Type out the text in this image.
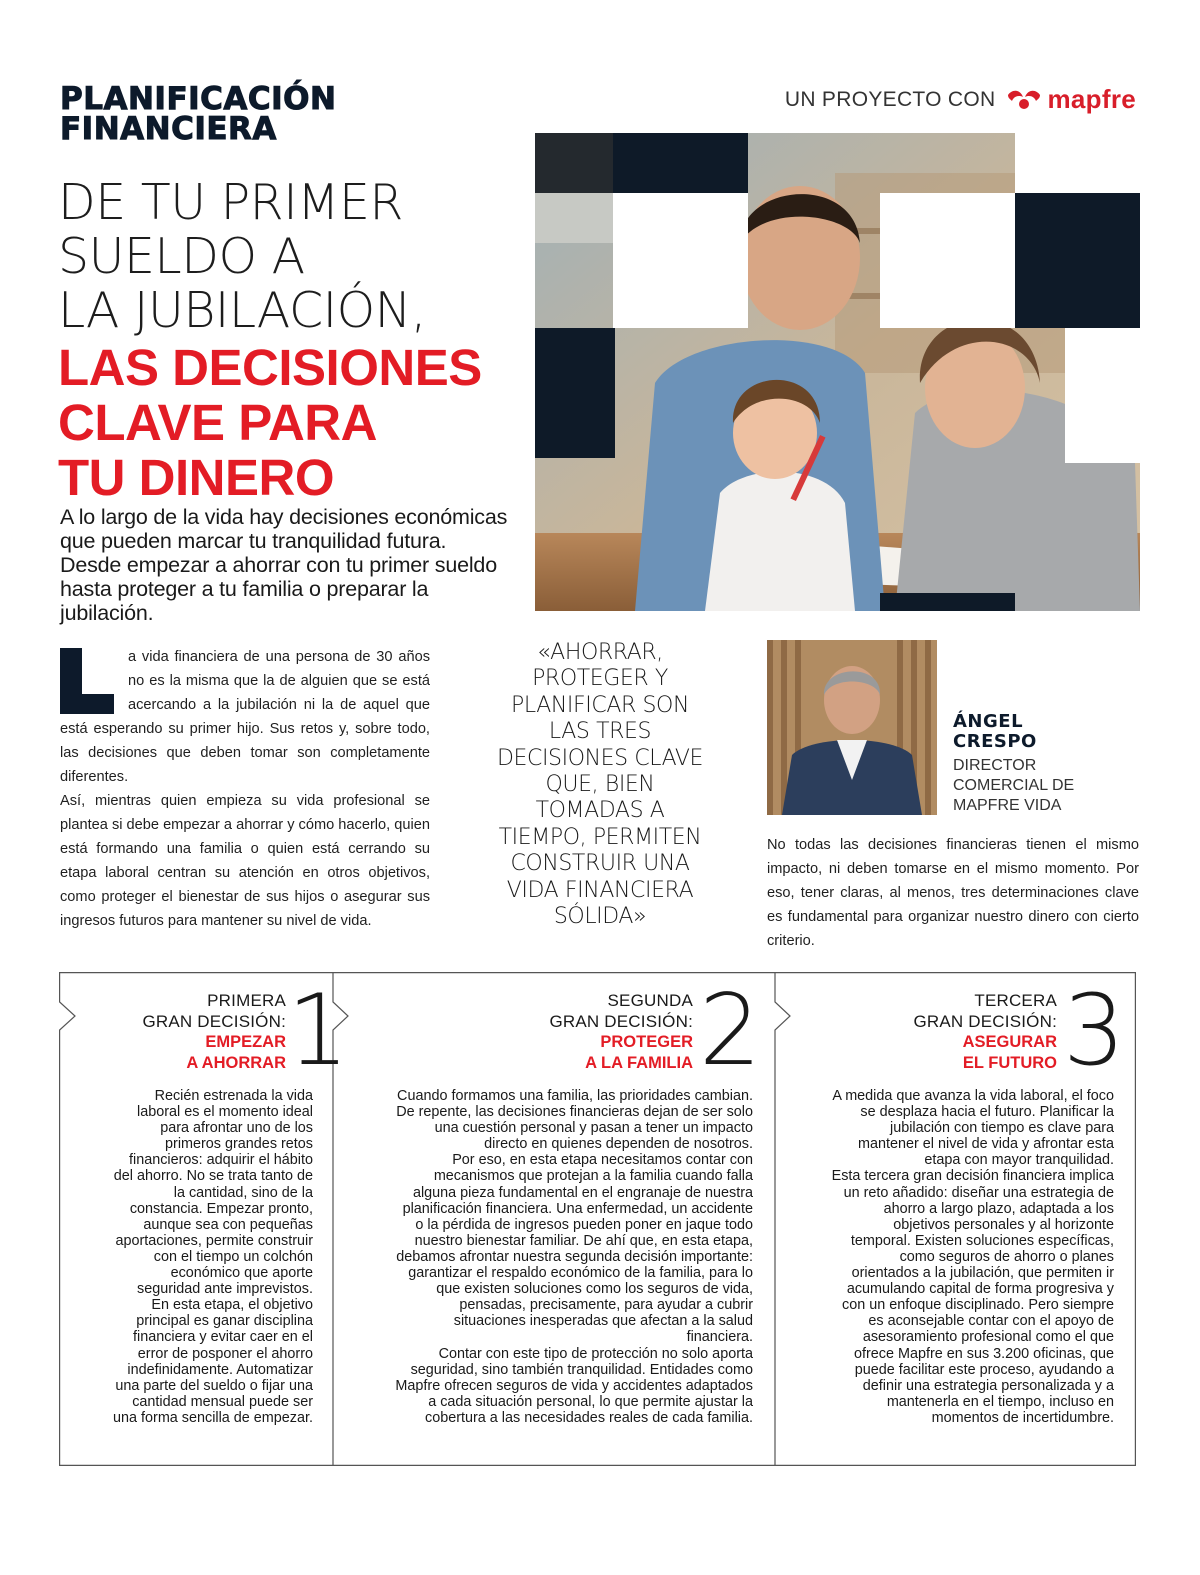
PLANIFICACIÓN
FINANCIERA
UN PROYECTO CON mapfre
DE TU PRIMER
SUELDO A
LA JUBILACIÓN,
LAS DECISIONES
CLAVE PARA
TU DINERO

A lo largo de la vida hay decisiones económicas que pueden marcar tu tranquilidad futura. Desde empezar a ahorrar con tu primer sueldo hasta proteger a tu familia o preparar la jubilación.

a vida financiera de una persona de 30 años no es la misma que la de alguien que se está acercando a la jubilación ni la de aquel que está esperando su primer hijo. Sus retos y, sobre todo, las decisiones que deben tomar son completamente diferentes.

Así, mientras quien empieza su vida profesional se plantea si debe empezar a ahorrar y cómo hacerlo, quien está formando una familia o quien está cerrando su etapa laboral centran su atención en otros objetivos, como proteger el bienestar de sus hijos o asegurar sus ingresos futuros para mantener su nivel de vida.

«AHORRAR, PROTEGER Y PLANIFICAR SON LAS TRES DECISIONES CLAVE QUE, BIEN TOMADAS A TIEMPO, PERMITEN CONSTRUIR UNA VIDA FINANCIERA SÓLIDA»
ÁNGEL
CRESPO
DIRECTOR
COMERCIAL DE
MAPFRE VIDA

No todas las decisiones financieras tienen el mismo impacto, ni deben tomarse en el mismo momento. Por eso, tener claras, al menos, tres determinaciones clave es fundamental para organizar nuestro dinero con cierto criterio.

PRIMERA
GRAN DECISIÓN:
EMPEZAR
A AHORRAR 1

Recién estrenada la vida laboral es el momento ideal para afrontar uno de los primeros grandes retos financieros: adquirir el hábito del ahorro. No se trata tanto de la cantidad, sino de la constancia. Empezar pronto, aunque sea con pequeñas aportaciones, permite construir con el tiempo un colchón económico que aporte seguridad ante imprevistos.

En esta etapa, el objetivo principal es ganar disciplina financiera y evitar caer en el error de posponer el ahorro indefinidamente. Automatizar una parte del sueldo o fijar una cantidad mensual puede ser una forma sencilla de empezar.

SEGUNDA
GRAN DECISIÓN:
PROTEGER
A LA FAMILIA 2

Cuando formamos una familia, las prioridades cambian. De repente, las decisiones financieras dejan de ser solo una cuestión personal y pasan a tener un impacto directo en quienes dependen de nosotros.

Por eso, en esta etapa necesitamos contar con mecanismos que protejan a la familia cuando falla alguna pieza fundamental en el engranaje de nuestra planificación financiera. Una enfermedad, un accidente o la pérdida de ingresos pueden poner en jaque todo nuestro bienestar familiar. De ahí que, en esta etapa, debamos afrontar nuestra segunda decisión importante: garantizar el respaldo económico de la familia, para lo que existen soluciones como los seguros de vida, pensadas, precisamente, para ayudar a cubrir situaciones inesperadas que afectan a la salud financiera.

Contar con este tipo de protección no solo aporta seguridad, sino también tranquilidad. Entidades como Mapfre ofrecen seguros de vida y accidentes adaptados a cada situación personal, lo que permite ajustar la cobertura a las necesidades reales de cada familia.

TERCERA
GRAN DECISIÓN:
ASEGURAR
EL FUTURO 3

A medida que avanza la vida laboral, el foco se desplaza hacia el futuro. Planificar la jubilación con tiempo es clave para mantener el nivel de vida y afrontar esta etapa con mayor tranquilidad.

Esta tercera gran decisión financiera implica un reto añadido: diseñar una estrategia de ahorro a largo plazo, adaptada a los objetivos personales y al horizonte temporal. Existen soluciones específicas, como seguros de ahorro o planes orientados a la jubilación, que permiten ir acumulando capital de forma progresiva y con un enfoque disciplinado. Pero siempre es aconsejable contar con el apoyo de asesoramiento profesional como el que ofrece Mapfre en sus 3.200 oficinas, que puede facilitar este proceso, ayudando a definir una estrategia personalizada y a mantenerla en el tiempo, incluso en momentos de incertidumbre.
